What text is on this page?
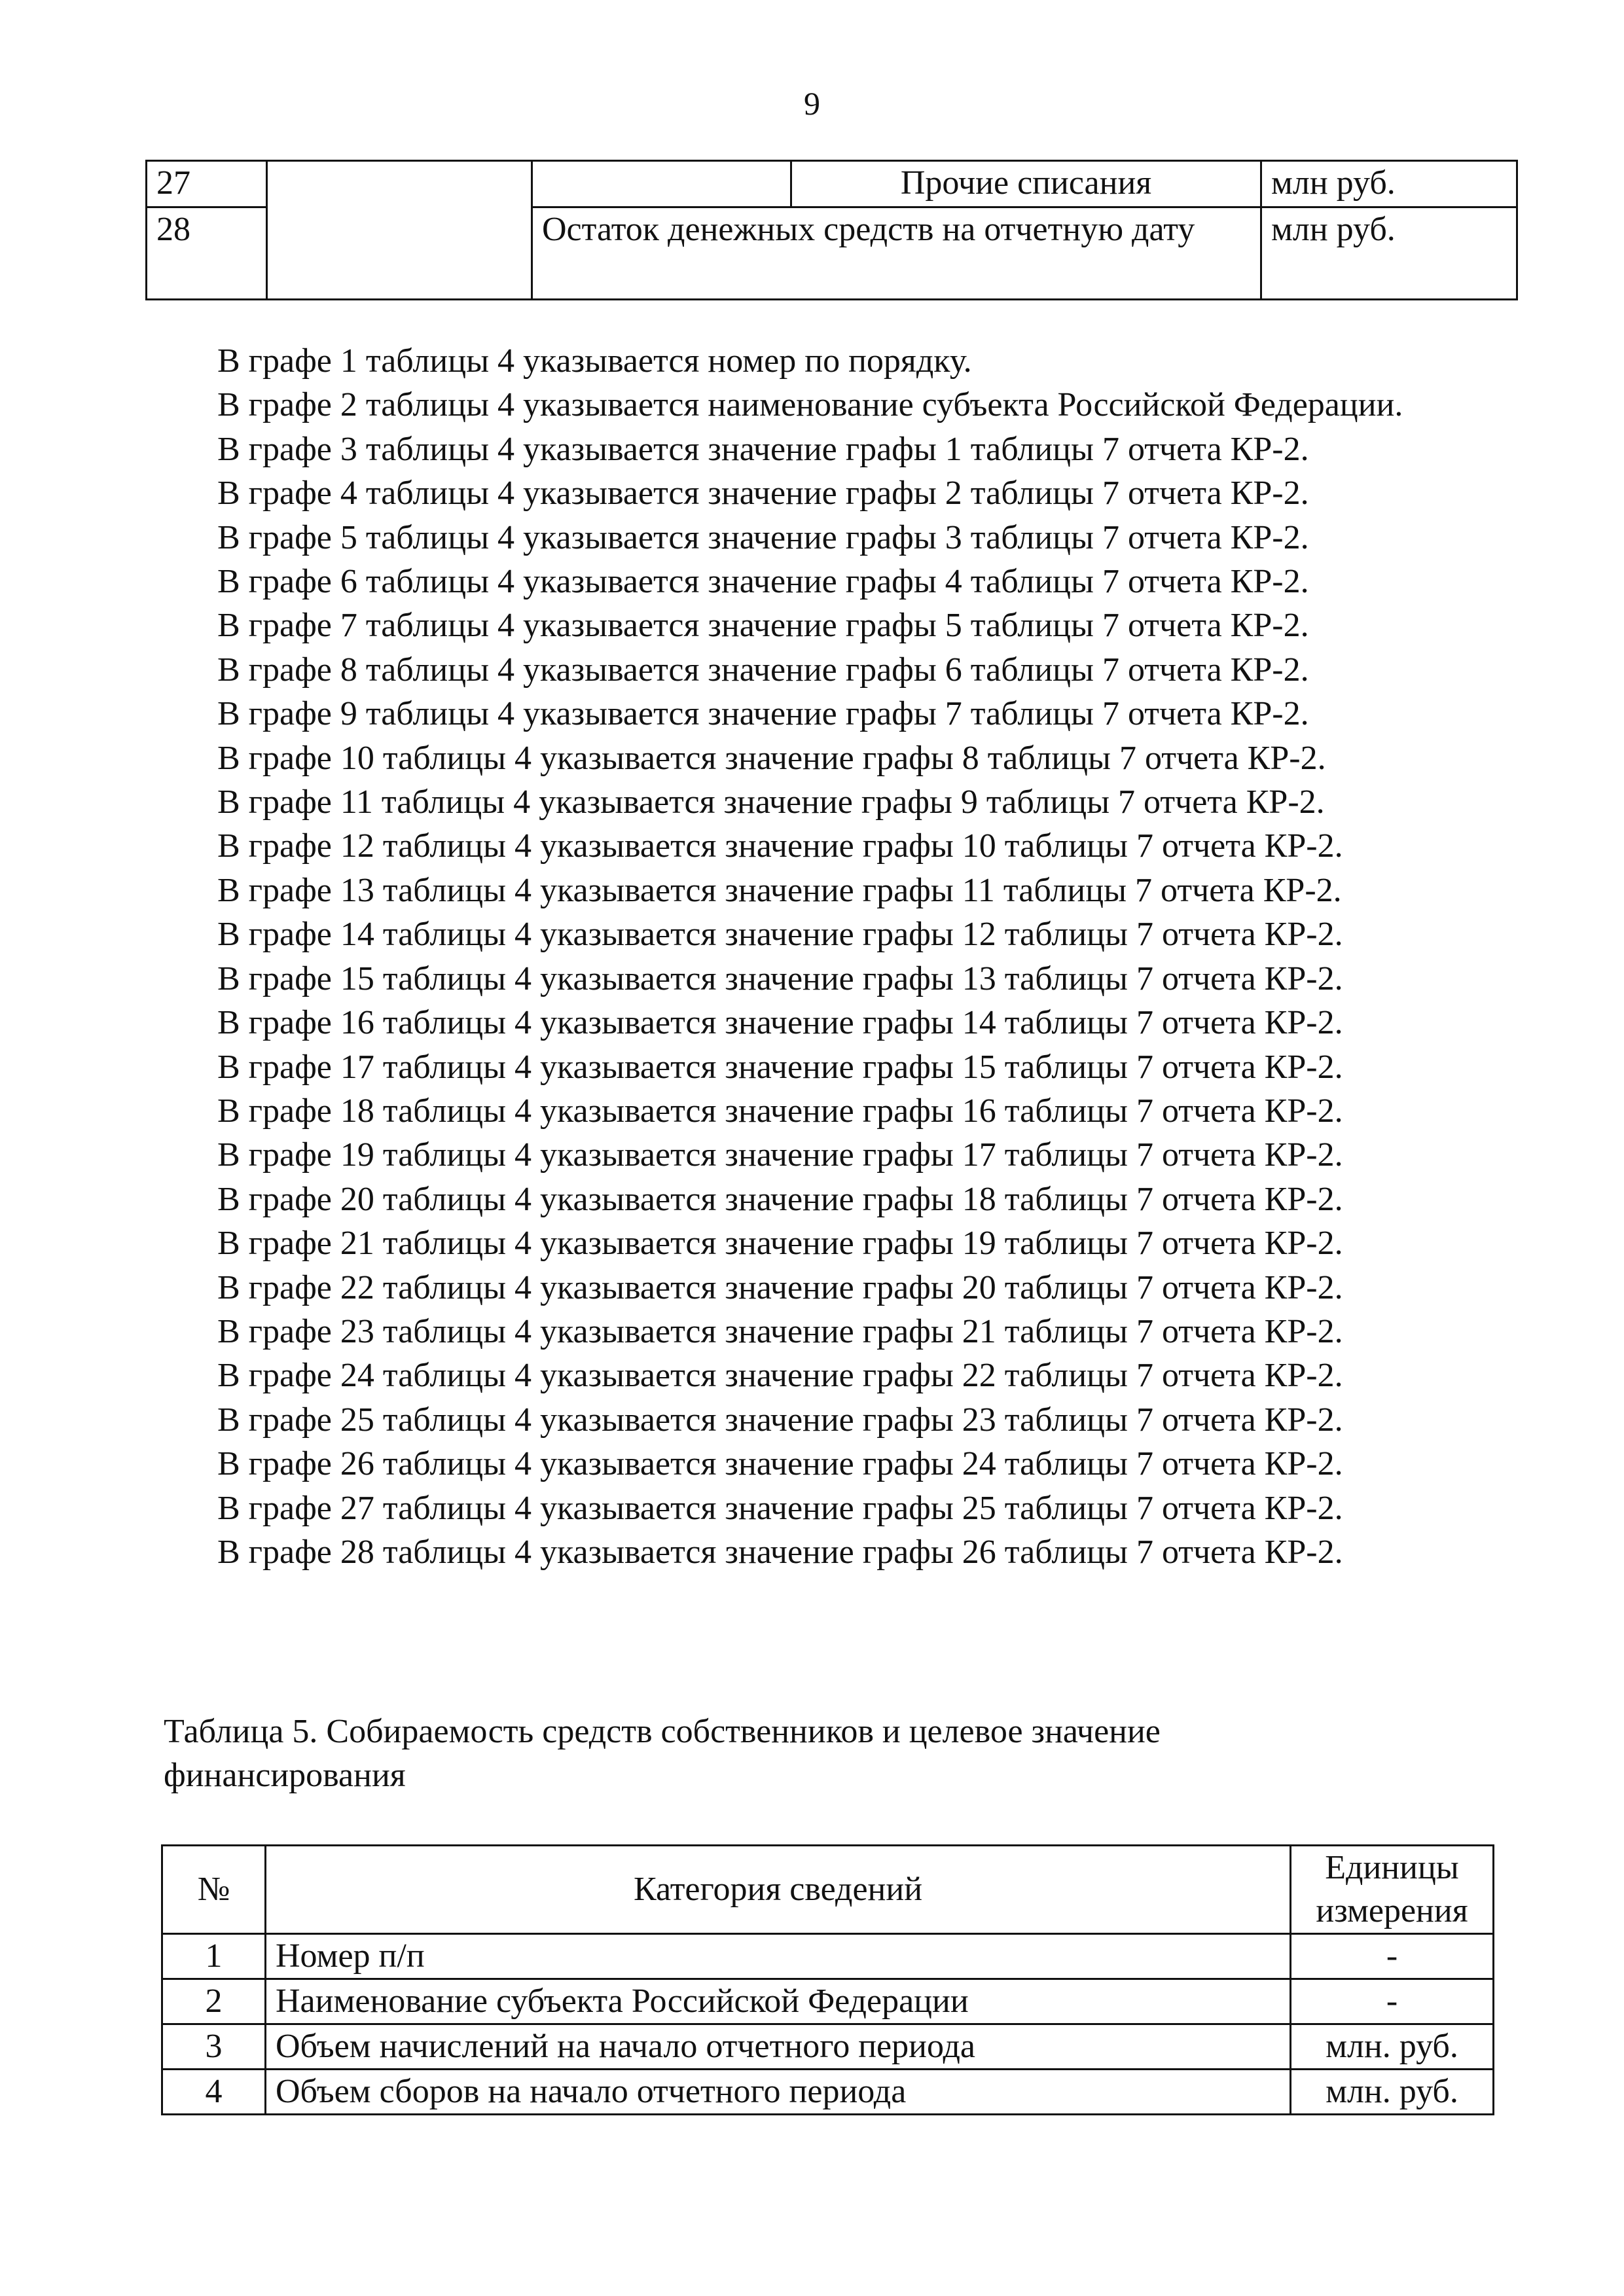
9
27		Прочие списания	млн руб.
28		Остаток денежных средств на отчетную дату	млн руб.

В графе 1 таблицы 4 указывается номер по порядку.

В графе 2 таблицы 4 указывается наименование субъекта Российской Федерации.

В графе 3 таблицы 4 указывается значение графы 1 таблицы 7 отчета КР-2.

В графе 4 таблицы 4 указывается значение графы 2 таблицы 7 отчета КР-2.

В графе 5 таблицы 4 указывается значение графы 3 таблицы 7 отчета КР-2.

В графе 6 таблицы 4 указывается значение графы 4 таблицы 7 отчета КР-2.

В графе 7 таблицы 4 указывается значение графы 5 таблицы 7 отчета КР-2.

В графе 8 таблицы 4 указывается значение графы 6 таблицы 7 отчета КР-2.

В графе 9 таблицы 4 указывается значение графы 7 таблицы 7 отчета КР-2.

В графе 10 таблицы 4 указывается значение графы 8 таблицы 7 отчета КР-2.

В графе 11 таблицы 4 указывается значение графы 9 таблицы 7 отчета КР-2.

В графе 12 таблицы 4 указывается значение графы 10 таблицы 7 отчета КР-2.

В графе 13 таблицы 4 указывается значение графы 11 таблицы 7 отчета КР-2.

В графе 14 таблицы 4 указывается значение графы 12 таблицы 7 отчета КР-2.

В графе 15 таблицы 4 указывается значение графы 13 таблицы 7 отчета КР-2.

В графе 16 таблицы 4 указывается значение графы 14 таблицы 7 отчета КР-2.

В графе 17 таблицы 4 указывается значение графы 15 таблицы 7 отчета КР-2.

В графе 18 таблицы 4 указывается значение графы 16 таблицы 7 отчета КР-2.

В графе 19 таблицы 4 указывается значение графы 17 таблицы 7 отчета КР-2.

В графе 20 таблицы 4 указывается значение графы 18 таблицы 7 отчета КР-2.

В графе 21 таблицы 4 указывается значение графы 19 таблицы 7 отчета КР-2.

В графе 22 таблицы 4 указывается значение графы 20 таблицы 7 отчета КР-2.

В графе 23 таблицы 4 указывается значение графы 21 таблицы 7 отчета КР-2.

В графе 24 таблицы 4 указывается значение графы 22 таблицы 7 отчета КР-2.

В графе 25 таблицы 4 указывается значение графы 23 таблицы 7 отчета КР-2.

В графе 26 таблицы 4 указывается значение графы 24 таблицы 7 отчета КР-2.

В графе 27 таблицы 4 указывается значение графы 25 таблицы 7 отчета КР-2.

В графе 28 таблицы 4 указывается значение графы 26 таблицы 7 отчета КР-2.

Таблица 5. Собираемость средств собственников и целевое значение финансирования
№	Категория сведений	Единицы измерения
1	Номер п/п	-
2	Наименование субъекта Российской Федерации	-
3	Объем начислений на начало отчетного периода	млн. руб.
4	Объем сборов на начало отчетного периода	млн. руб.
